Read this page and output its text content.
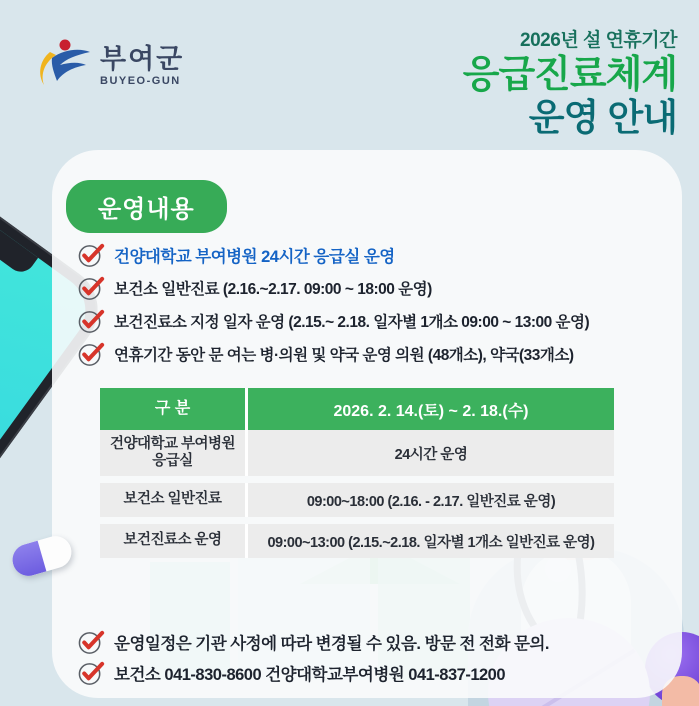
부여군
BUYEO-GUN
2026년 설 연휴기간
응급진료체계
운영 안내
운영내용
건양대학교 부여병원 24시간 응급실 운영
보건소 일반진료 (2.16.~2.17. 09:00 ~ 18:00 운영)
보건진료소 지정 일자 운영 (2.15.~ 2.18. 일자별 1개소 09:00 ~ 13:00 운영)
연휴기간 동안 문 여는 병·의원 및 약국 운영 의원 (48개소), 약국(33개소)
구 분	2026. 2. 14.(토) ~ 2. 18.(수)
건양대학교 부여병원 응급실	24시간 운영
보건소 일반진료	09:00~18:00 (2.16. - 2.17. 일반진료 운영)
보건진료소 운영	09:00~13:00 (2.15.~2.18. 일자별 1개소 일반진료 운영)
운영일정은 기관 사정에 따라 변경될 수 있음. 방문 전 전화 문의.
보건소 041-830-8600 건양대학교부여병원 041-837-1200
